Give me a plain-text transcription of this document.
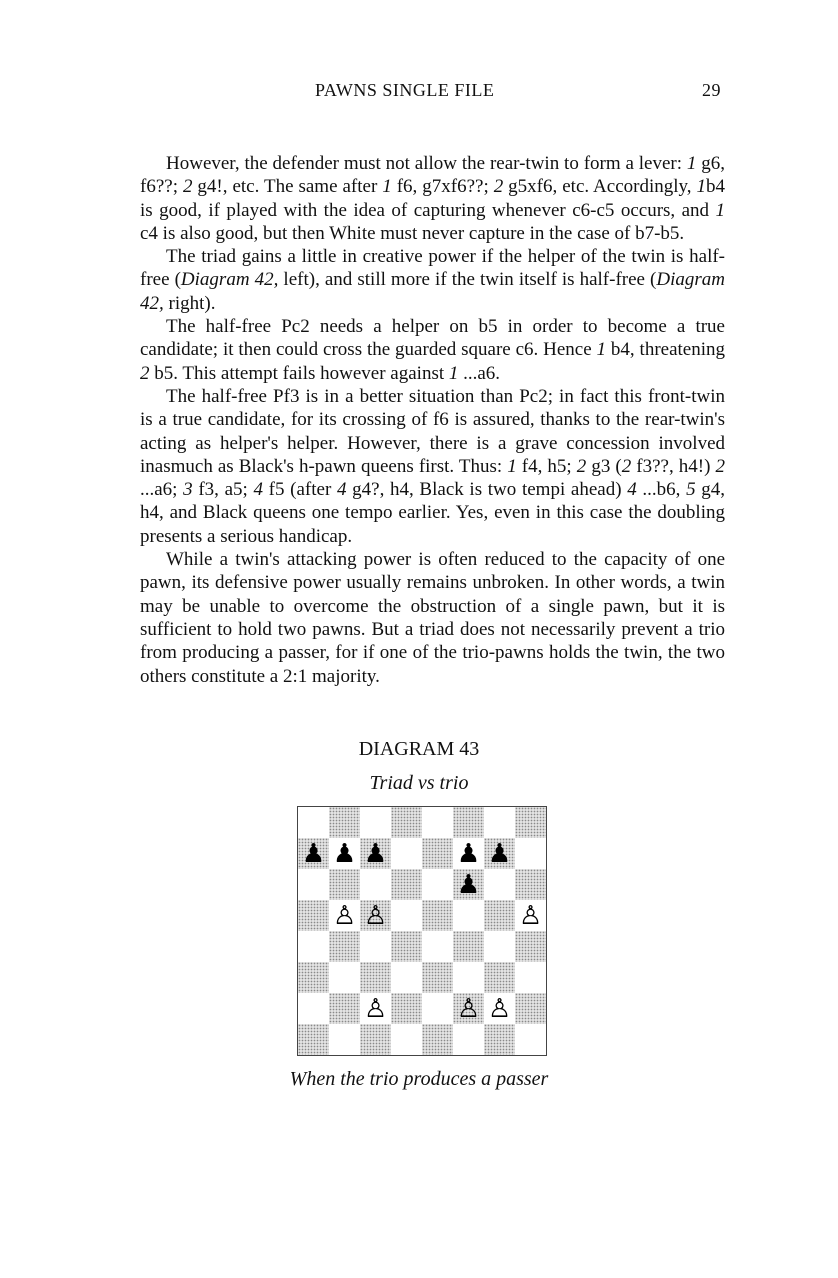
PAWNS SINGLE FILE	29

However, the defender must not allow the rear-twin to form a lever: 1 g6, f6??; 2 g4!, etc. The same after 1 f6, g7xf6??; 2 g5xf6, etc. Accordingly, 1b4 is good, if played with the idea of capturing whenever c6-c5 occurs, and 1 c4 is also good, but then White must never capture in the case of b7-b5.

The triad gains a little in creative power if the helper of the twin is half-free (Diagram 42, left), and still more if the twin itself is half-free (Diagram 42, right).

The half-free Pc2 needs a helper on b5 in order to become a true candidate; it then could cross the guarded square c6. Hence 1 b4, threatening 2 b5. This attempt fails however against 1 ...a6.

The half-free Pf3 is in a better situation than Pc2; in fact this front-twin is a true candidate, for its crossing of f6 is assured, thanks to the rear-twin's acting as helper's helper. However, there is a grave concession involved inasmuch as Black's h-pawn queens first. Thus: 1 f4, h5; 2 g3 (2 f3??, h4!) 2 ...a6; 3 f3, a5; 4 f5 (after 4 g4?, h4, Black is two tempi ahead) 4 ...b6, 5 g4, h4, and Black queens one tempo earlier. Yes, even in this case the doubling presents a serious handicap.

While a twin's attacking power is often reduced to the capacity of one pawn, its defensive power usually remains unbroken. In other words, a twin may be unable to overcome the obstruction of a single pawn, but it is sufficient to hold two pawns. But a triad does not necessarily prevent a trio from producing a passer, for if one of the trio-pawns holds the twin, the two others constitute a 2:1 majority.

DIAGRAM 43
Triad vs trio
♟ ♟ ♟	♟ ♟
♟
♙ ♙	♙
♙	♙ ♙
When the trio produces a passer
